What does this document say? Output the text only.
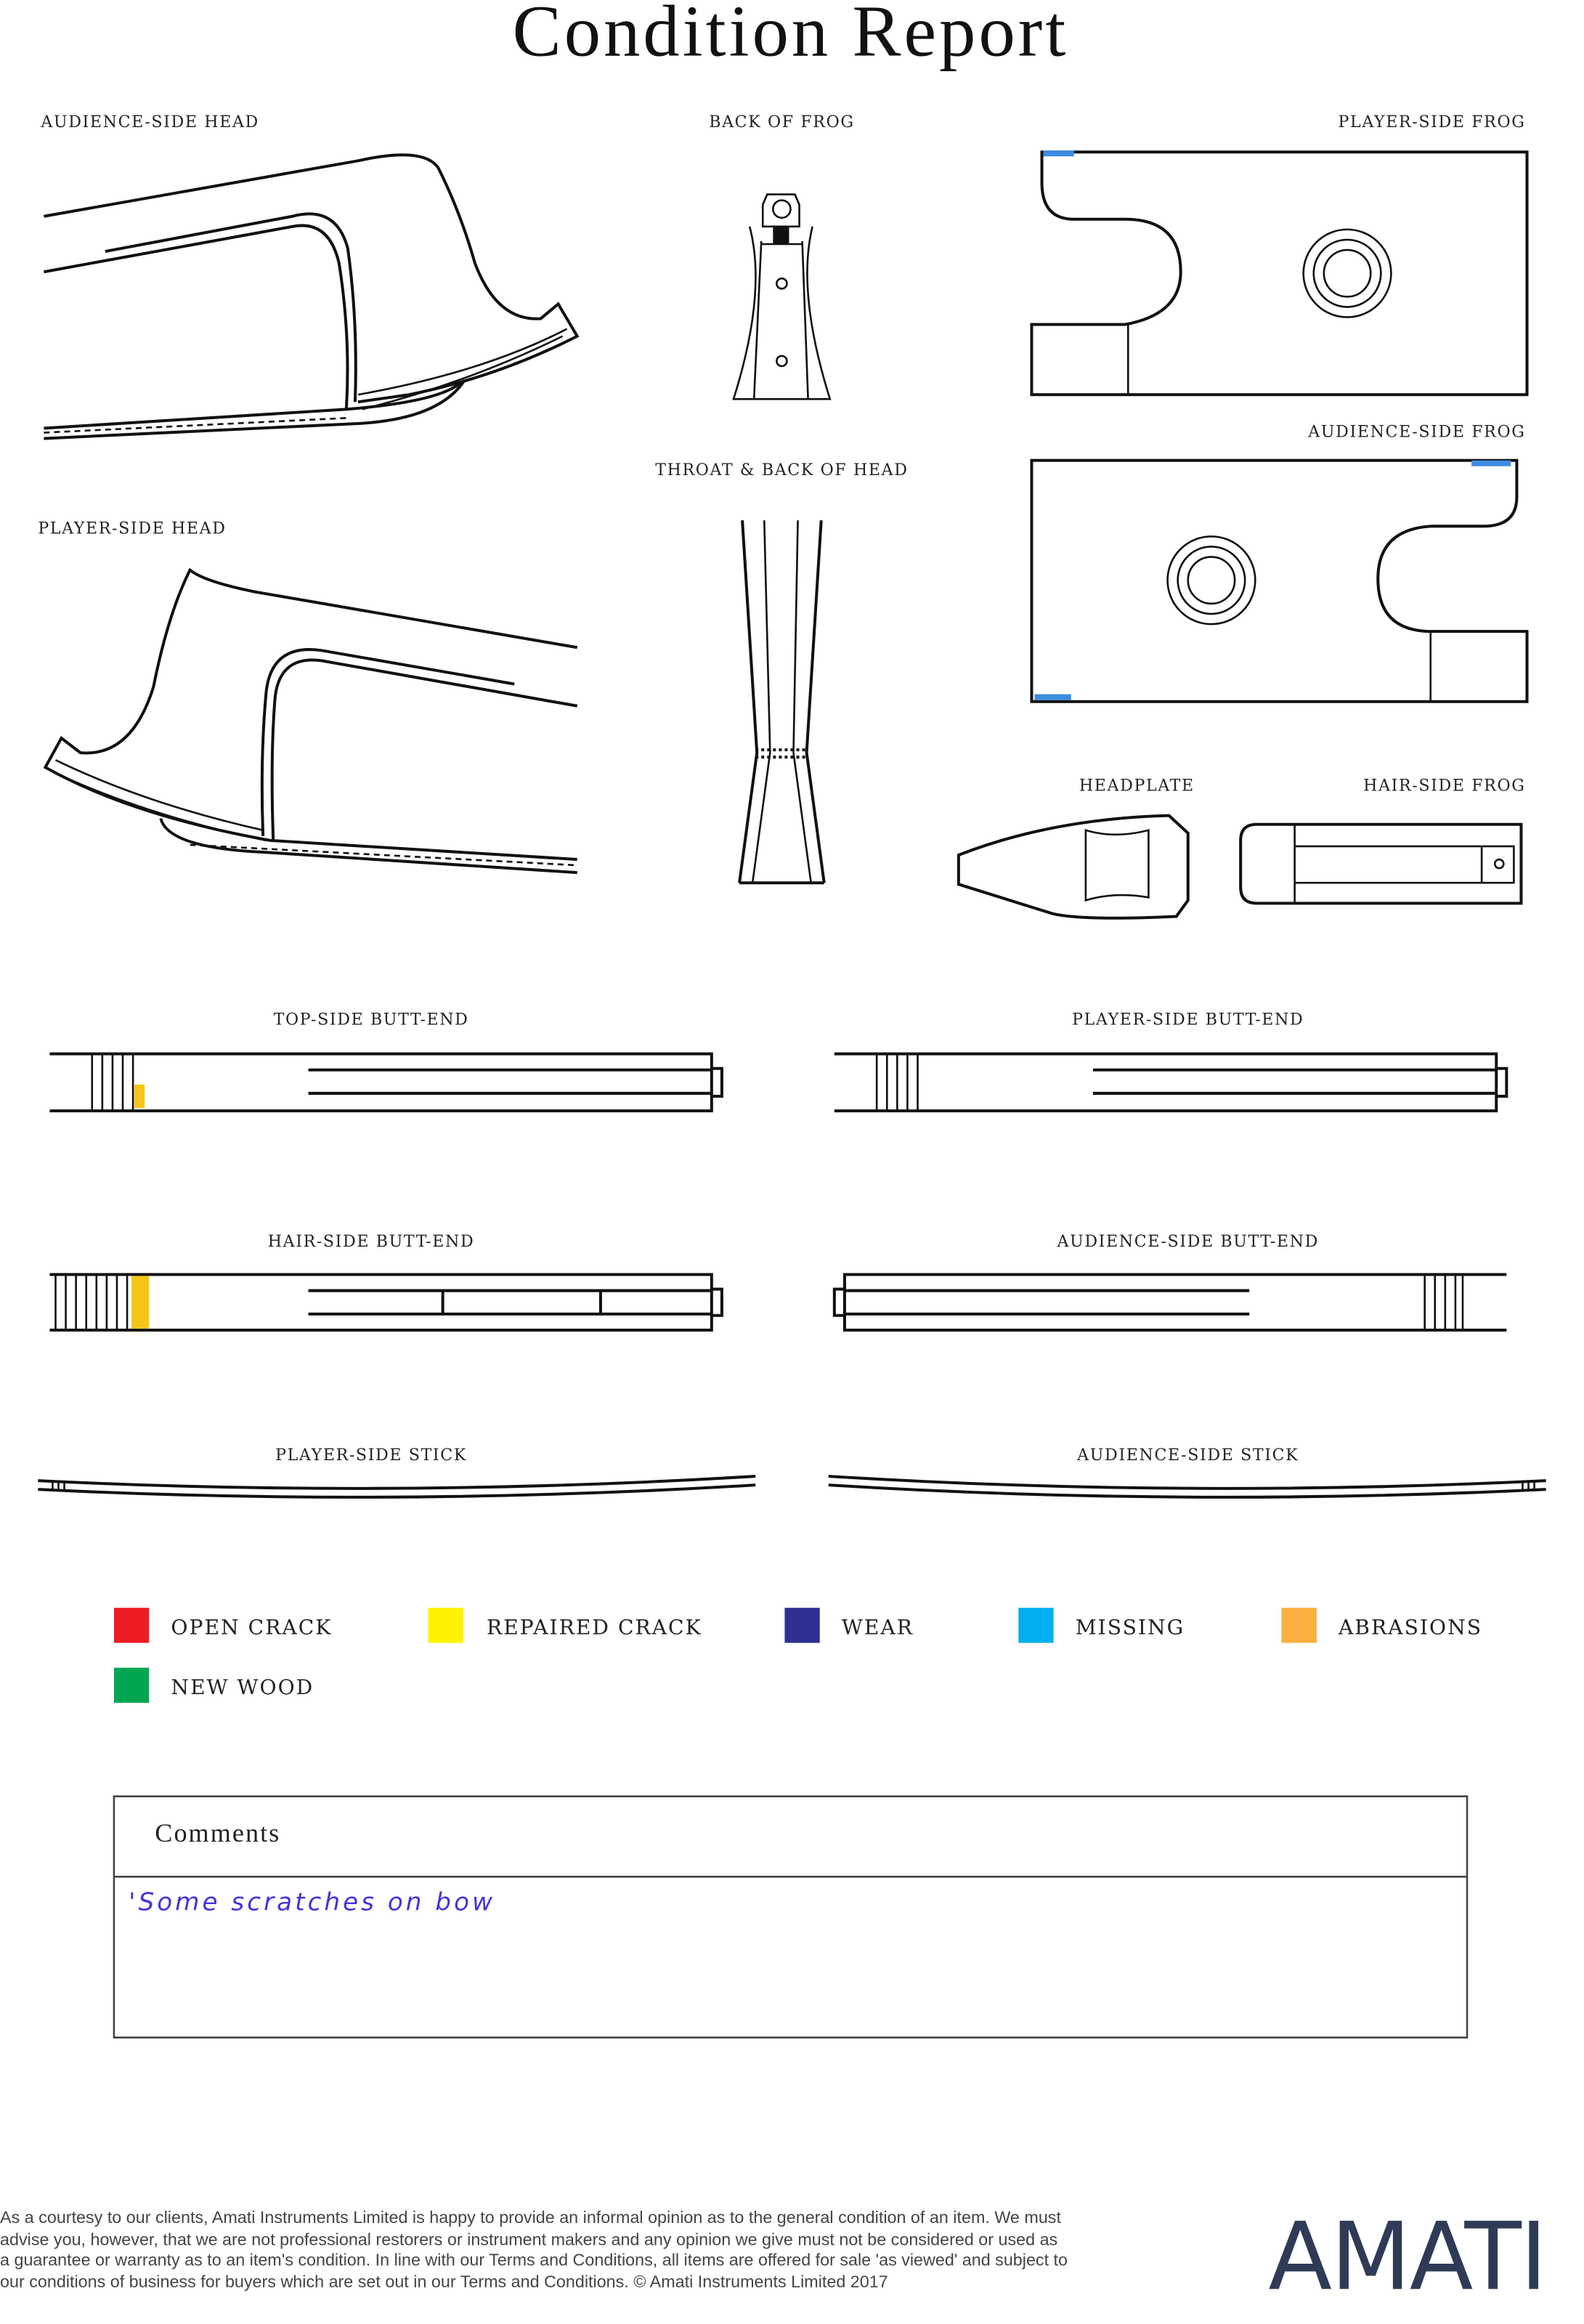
Condition Report
AUDIENCE-SIDE HEAD	BACK OF FROG	PLAYER-SIDE FROG
AUDIENCE-SIDE FROG
THROAT & BACK OF HEAD
PLAYER-SIDE HEAD
HEADPLATE	HAIR-SIDE FROG
TOP-SIDE BUTT-END	PLAYER-SIDE BUTT-END
HAIR-SIDE BUTT-END	AUDIENCE-SIDE BUTT-END
PLAYER-SIDE STICK	AUDIENCE-SIDE STICK
OPEN CRACK	REPAIRED CRACK	WEAR	MISSING	ABRASIONS
NEW WOOD
Comments
'Some scratches on bow
As a courtesy to our clients, Amati Instruments Limited is happy to provide an informal opinion as to the general condition of an item. We must
advise you, however, that we are not professional restorers or instrument makers and any opinion we give must not be considered or used as
a guarantee or warranty as to an item's condition. In line with our Terms and Conditions, all items are offered for sale 'as viewed' and subject to
our conditions of business for buyers which are set out in our Terms and Conditions. © Amati Instruments Limited 2017	AMATI
